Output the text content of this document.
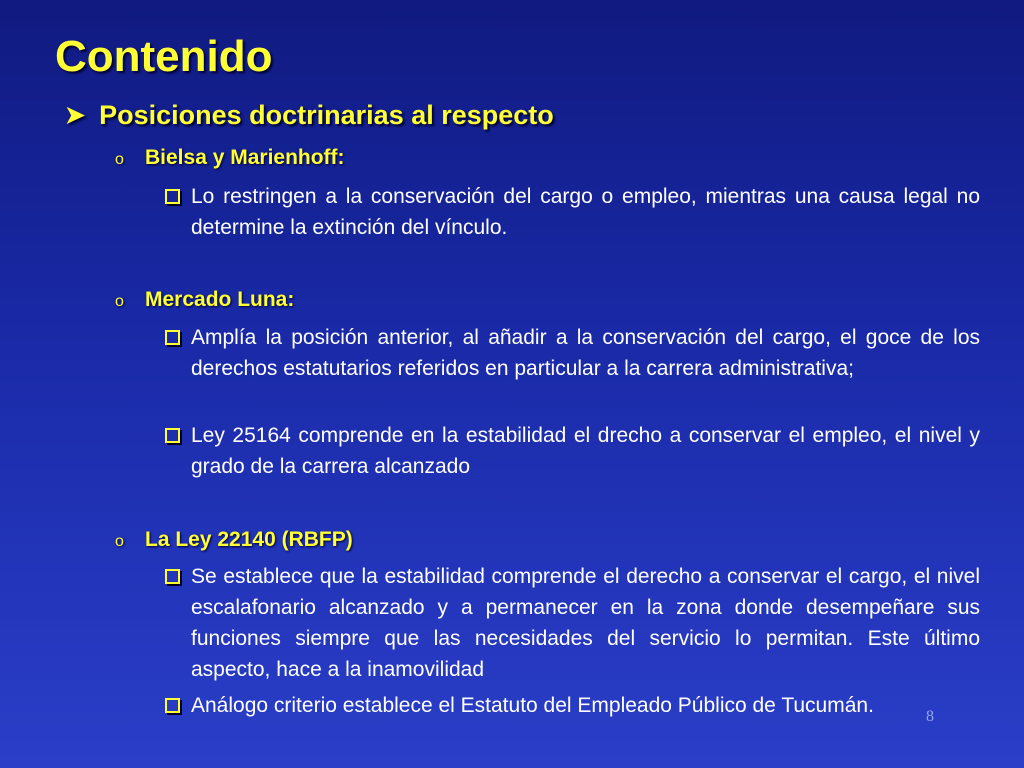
Contenido
➤ Posiciones doctrinarias al respecto
o	Bielsa y Marienhoff:
Lo restringen a la conservación del cargo o empleo, mientras una causa legal no determine la extinción del vínculo.
o	Mercado Luna:
Amplía la posición anterior, al añadir a la conservación del cargo, el goce de los derechos estatutarios referidos en particular a la carrera administrativa;
Ley 25164 comprende en la estabilidad el drecho a conservar el empleo, el nivel y grado de la carrera alcanzado
o	La Ley 22140 (RBFP)
Se establece que la estabilidad comprende el derecho a conservar el cargo, el nivel escalafonario alcanzado y a permanecer en la zona donde desempeñare sus funciones siempre que las necesidades del servicio lo permitan. Este último aspecto, hace a la inamovilidad
Análogo criterio establece el Estatuto del Empleado Público de Tucumán.	8
